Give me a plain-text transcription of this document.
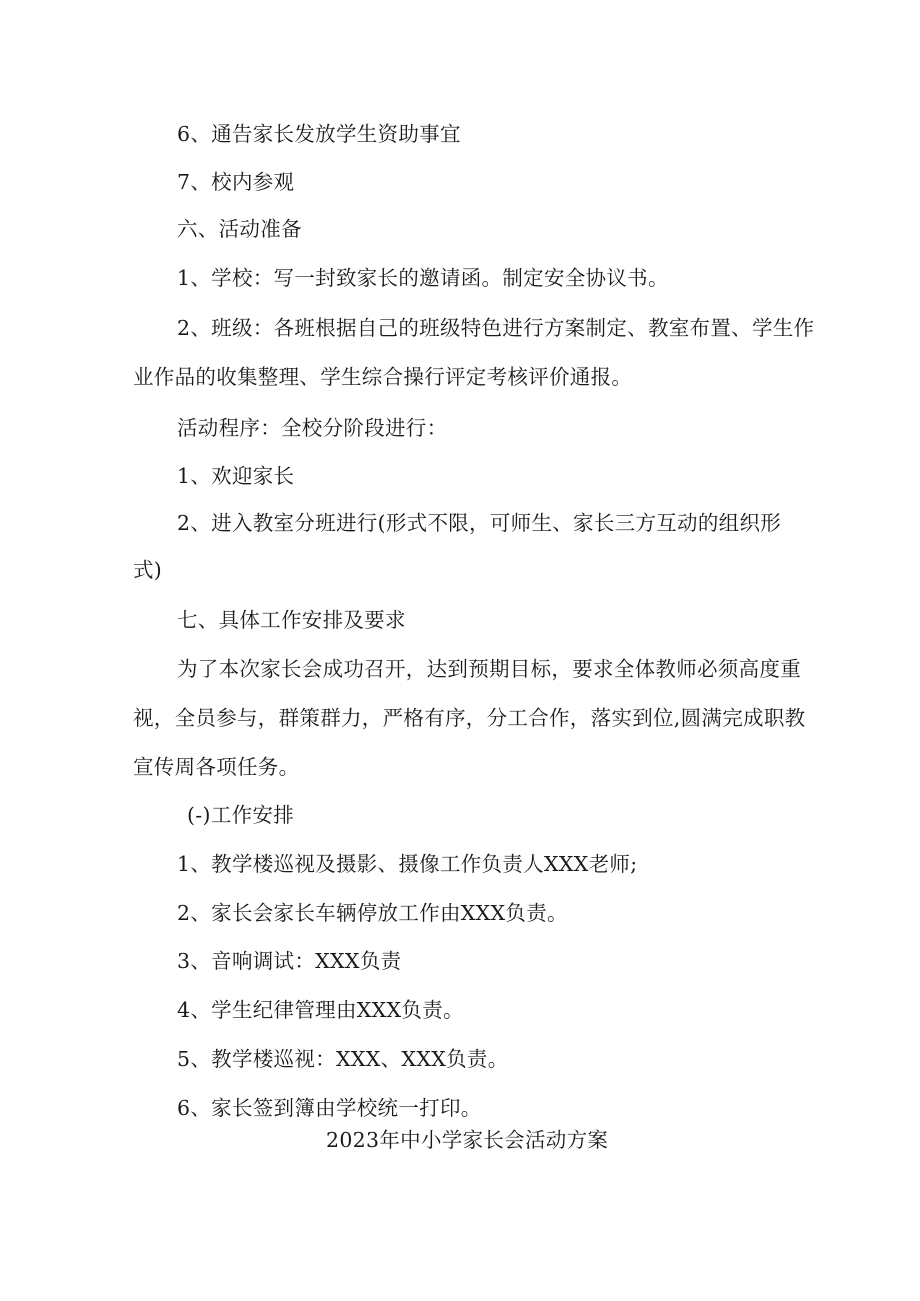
6、通告家长发放学生资助事宜
7、校内参观
六、活动准备
1、学校：写一封致家长的邀请函。制定安全协议书。
2、班级：各班根据自己的班级特色进行方案制定、教室布置、学生作
业作品的收集整理、学生综合操行评定考核评价通报。
活动程序：全校分阶段进行：
1、欢迎家长
2、进入教室分班进行(形式不限，可师生、家长三方互动的组织形
式)
七、具体工作安排及要求
为了本次家长会成功召开，达到预期目标，要求全体教师必须高度重
视，全员参与，群策群力，严格有序，分工合作，落实到位,圆满完成职教
宣传周各项任务。
(-)工作安排
1、教学楼巡视及摄影、摄像工作负责人XXX老师;
2、家长会家长车辆停放工作由XXX负责。
3、音响调试：XXX负责
4、学生纪律管理由XXX负责。
5、教学楼巡视：XXX、XXX负责。
6、家长签到簿由学校统一打印。
2023年中小学家长会活动方案
